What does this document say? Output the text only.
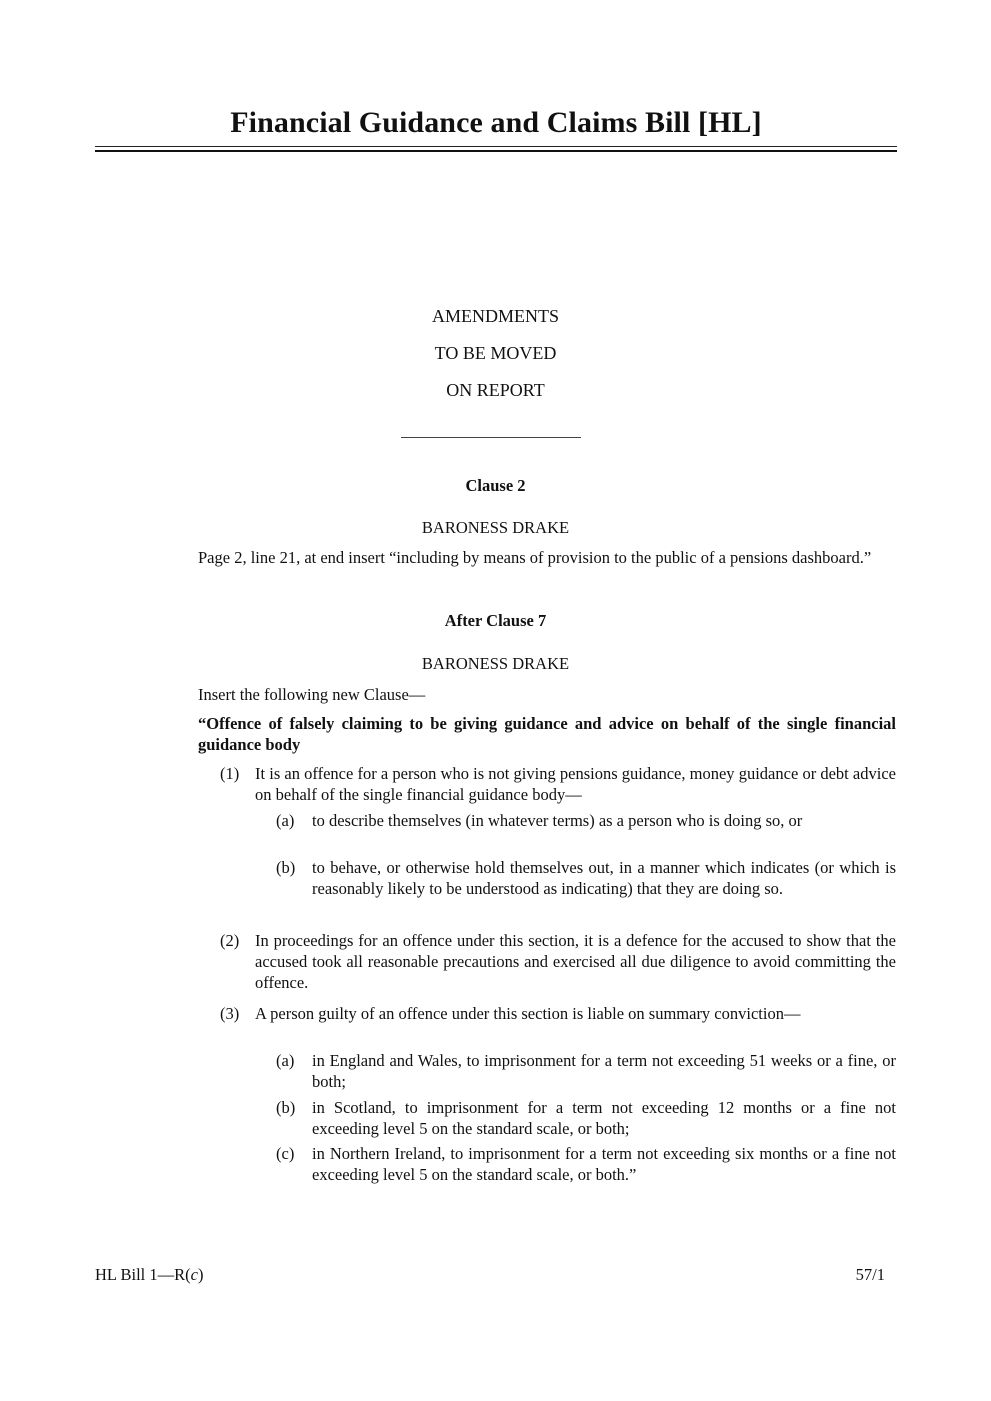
Financial Guidance and Claims Bill [HL]
AMENDMENTS
TO BE MOVED
ON REPORT
Clause 2
BARONESS DRAKE
Page 2, line 21, at end insert “including by means of provision to the public of a pensions dashboard.”
After Clause 7
BARONESS DRAKE
Insert the following new Clause—
“Offence of falsely claiming to be giving guidance and advice on behalf of the single financial guidance body
(1) It is an offence for a person who is not giving pensions guidance, money guidance or debt advice on behalf of the single financial guidance body—
(a) to describe themselves (in whatever terms) as a person who is doing so, or
(b) to behave, or otherwise hold themselves out, in a manner which indicates (or which is reasonably likely to be understood as indicating) that they are doing so.
(2) In proceedings for an offence under this section, it is a defence for the accused to show that the accused took all reasonable precautions and exercised all due diligence to avoid committing the offence.
(3) A person guilty of an offence under this section is liable on summary conviction—
(a) in England and Wales, to imprisonment for a term not exceeding 51 weeks or a fine, or both;
(b) in Scotland, to imprisonment for a term not exceeding 12 months or a fine not exceeding level 5 on the standard scale, or both;
(c) in Northern Ireland, to imprisonment for a term not exceeding six months or a fine not exceeding level 5 on the standard scale, or both.”
HL Bill 1—R(c)	57/1
